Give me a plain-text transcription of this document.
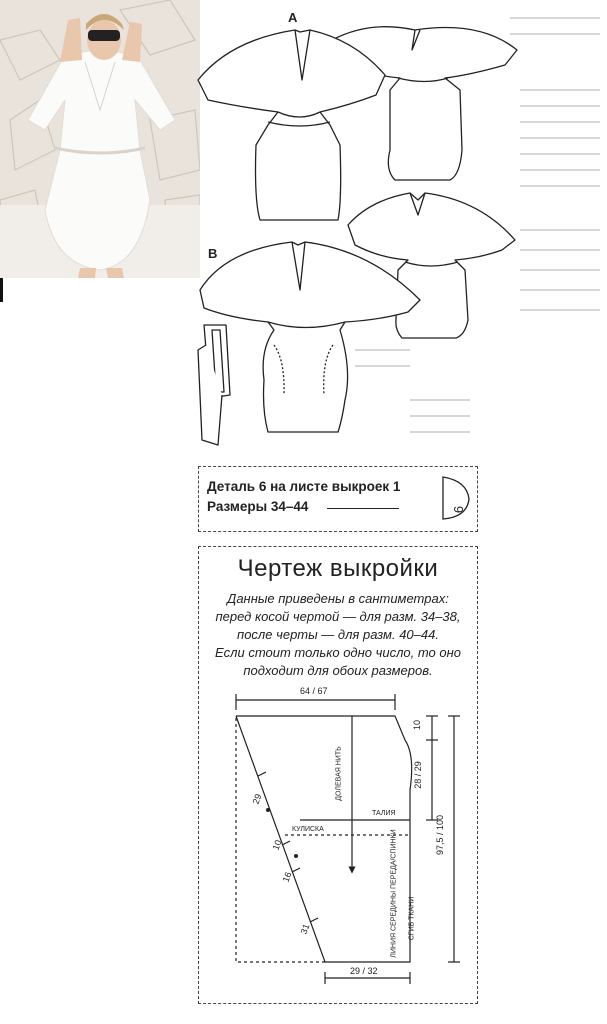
A
B
Деталь 6 на листе выкроек 1
Размеры 34–44	6
Чертеж выкройки
Данные приведены в сантиметрах:
перед косой чертой — для разм. 34–38,
после черты — для разм. 40–44.
Если стоит только одно число, то оно
подходит для обоих размеров.
64 / 67
29 / 32
10
28 / 29
97,5 / 100
29
10
16
31
ДОЛЕВАЯ НИТЬ
ТАЛИЯ
КУЛИСКА	ЛИНИЯ СЕРЕДИНЫ ПЕРЕДА/СПИНКИ СГИБ ТКАНИ
